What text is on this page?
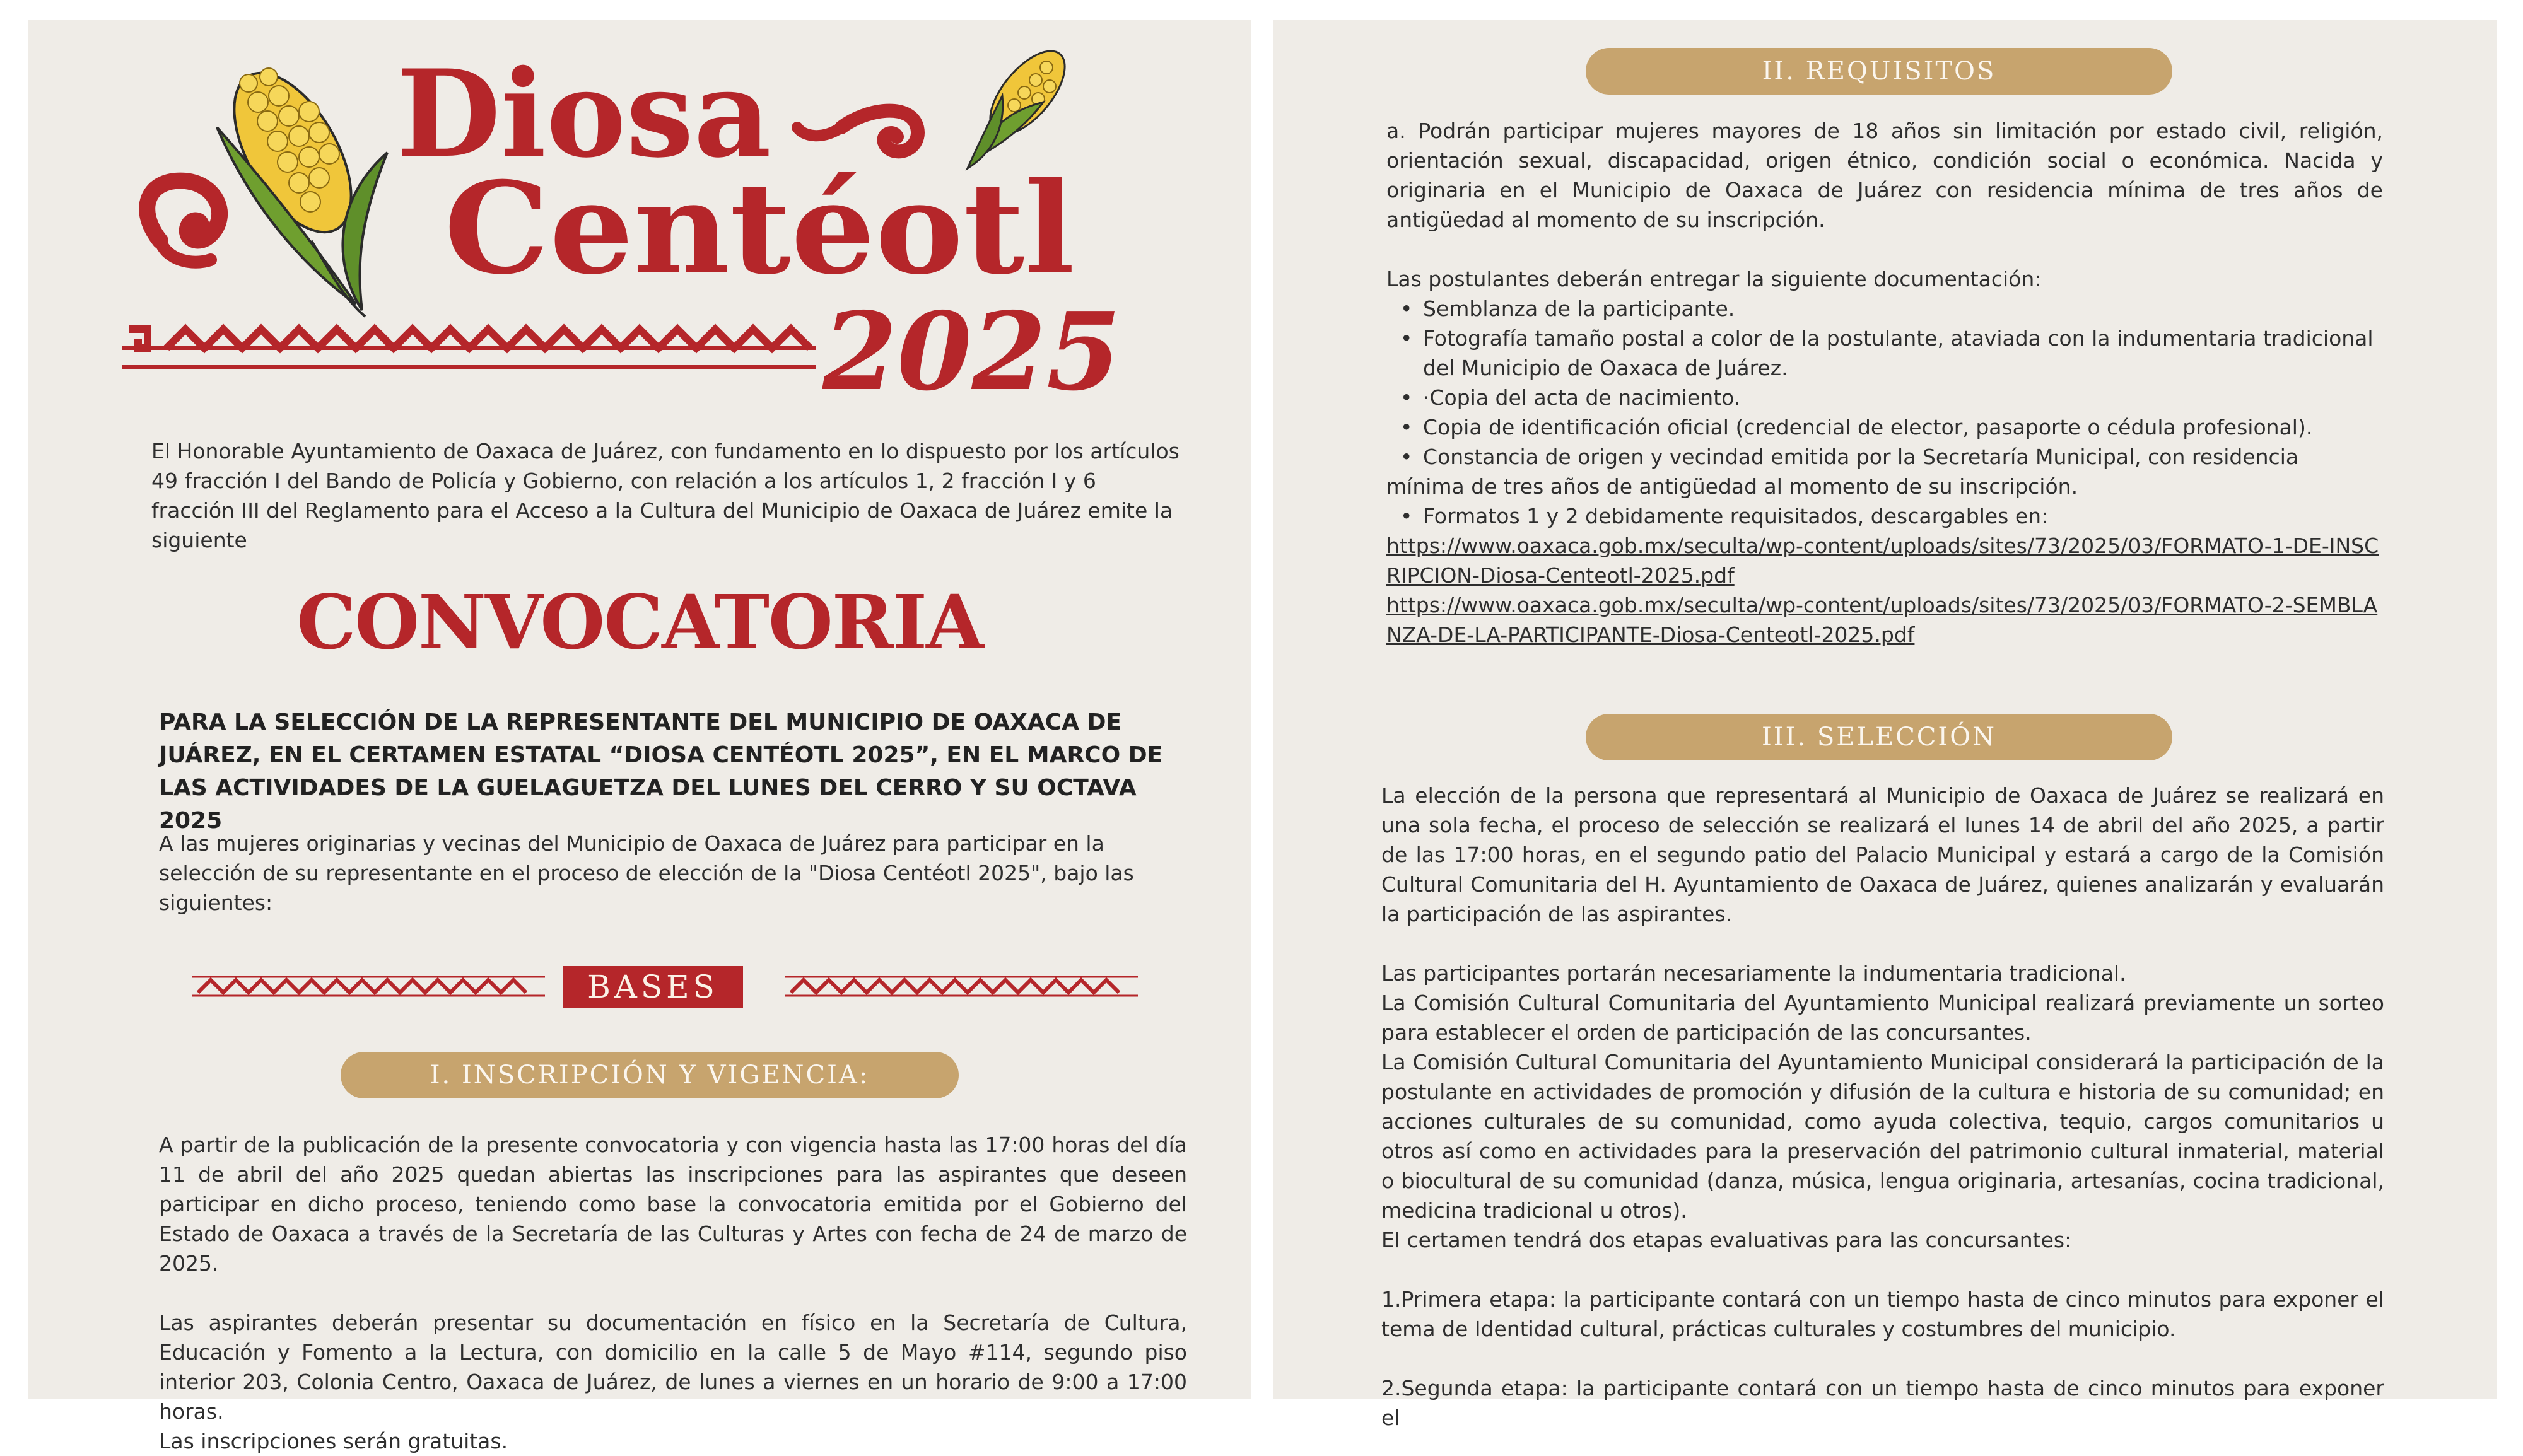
Diosa
Centéotl
2025
El Honorable Ayuntamiento de Oaxaca de Juárez, con fundamento en lo dispuesto por los artículos 49 fracción I del Bando de Policía y Gobierno, con relación a los artículos 1, 2 fracción I y 6 fracción III del Reglamento para el Acceso a la Cultura del Municipio de Oaxaca de Juárez emite la siguiente
CONVOCATORIA
PARA LA SELECCIÓN DE LA REPRESENTANTE DEL MUNICIPIO DE OAXACA DE JUÁREZ, EN EL CERTAMEN ESTATAL “DIOSA CENTÉOTL 2025”, EN EL MARCO DE LAS ACTIVIDADES DE LA GUELAGUETZA DEL LUNES DEL CERRO Y SU OCTAVA 2025
A las mujeres originarias y vecinas del Municipio de Oaxaca de Juárez para participar en la selección de su representante en el proceso de elección de la "Diosa Centéotl 2025", bajo las siguientes:
BASES
I. INSCRIPCIÓN Y VIGENCIA:

A partir de la publicación de la presente convocatoria y con vigencia hasta las 17:00 horas del día 11 de abril del año 2025 quedan abiertas las inscripciones para las aspirantes que deseen participar en dicho proceso, teniendo como base la convocatoria emitida por el Gobierno del Estado de Oaxaca a través de la Secretaría de las Culturas y Artes con fecha de 24 de marzo de 2025.

Las aspirantes deberán presentar su documentación en físico en la Secretaría de Cultura, Educación y Fomento a la Lectura, con domicilio en la calle 5 de Mayo #114, segundo piso interior 203, Colonia Centro, Oaxaca de Juárez, de lunes a viernes en un horario de 9:00 a 17:00 horas.

Las inscripciones serán gratuitas.

II. REQUISITOS

a. Podrán participar mujeres mayores de 18 años sin limitación por estado civil, religión, orientación sexual, discapacidad, origen étnico, condición social o económica. Nacida y originaria en el Municipio de Oaxaca de Juárez con residencia mínima de tres años de antigüedad al momento de su inscripción.

Las postulantes deberán entregar la siguiente documentación:

• Semblanza de la participante.
• Fotografía tamaño postal a color de la postulante, ataviada con la indumentaria tradicional del Municipio de Oaxaca de Juárez.
• ·Copia del acta de nacimiento.
• Copia de identificación oficial (credencial de elector, pasaporte o cédula profesional).
• Constancia de origen y vecindad emitida por la Secretaría Municipal, con residencia

mínima de tres años de antigüedad al momento de su inscripción.

• Formatos 1 y 2 debidamente requisitados, descargables en:

https://www.oaxaca.gob.mx/seculta/wp-content/uploads/sites/73/2025/03/FORMATO-1-DE-INSCRIPCION-Diosa-Centeotl-2025.pdf

https://www.oaxaca.gob.mx/seculta/wp-content/uploads/sites/73/2025/03/FORMATO-2-SEMBLANZA-DE-LA-PARTICIPANTE-Diosa-Centeotl-2025.pdf

III. SELECCIÓN

La elección de la persona que representará al Municipio de Oaxaca de Juárez se realizará en una sola fecha, el proceso de selección se realizará el lunes 14 de abril del año 2025, a partir de las 17:00 horas, en el segundo patio del Palacio Municipal y estará a cargo de la Comisión Cultural Comunitaria del H. Ayuntamiento de Oaxaca de Juárez, quienes analizarán y evaluarán la participación de las aspirantes.

Las participantes portarán necesariamente la indumentaria tradicional.

La Comisión Cultural Comunitaria del Ayuntamiento Municipal realizará previamente un sorteo para establecer el orden de participación de las concursantes.

La Comisión Cultural Comunitaria del Ayuntamiento Municipal considerará la participación de la postulante en actividades de promoción y difusión de la cultura e historia de su comunidad; en acciones culturales de su comunidad, como ayuda colectiva, tequio, cargos comunitarios u otros así como en actividades para la preservación del patrimonio cultural inmaterial, material o biocultural de su comunidad (danza, música, lengua originaria, artesanías, cocina tradicional, medicina tradicional u otros).

El certamen tendrá dos etapas evaluativas para las concursantes:

1.Primera etapa: la participante contará con un tiempo hasta de cinco minutos para exponer el tema de Identidad cultural, prácticas culturales y costumbres del municipio.

2.Segunda etapa: la participante contará con un tiempo hasta de cinco minutos para exponer el
